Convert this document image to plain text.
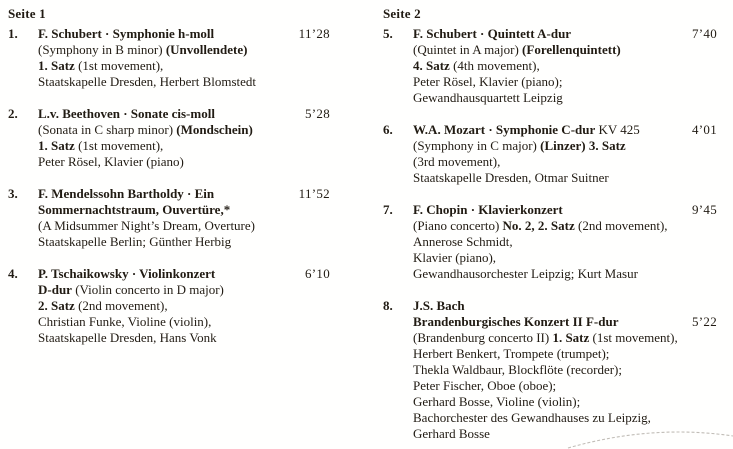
Seite 1
1. F. Schubert · Symphonie h-moll
(Symphony in B minor) (Unvollendete)
1. Satz (1st movement),
Staatskapelle Dresden, Herbert Blomstedt
11’28
2. L.v. Beethoven · Sonate cis-moll
(Sonata in C sharp minor) (Mondschein)
1. Satz (1st movement),
Peter Rösel, Klavier (piano)
5’28
3. F. Mendelssohn Bartholdy · Ein
Sommernachtstraum, Ouvertüre,*
(A Midsummer Night’s Dream, Overture)
Staatskapelle Berlin; Günther Herbig
11’52
4. P. Tschaikowsky · Violinkonzert
D-dur (Violin concerto in D major)
2. Satz (2nd movement),
Christian Funke, Violine (violin),
Staatskapelle Dresden, Hans Vonk
6’10
Seite 2
5. F. Schubert · Quintett A-dur
(Quintet in A major) (Forellenquintett)
4. Satz (4th movement),
Peter Rösel, Klavier (piano);
Gewandhausquartett Leipzig
7’40
6. W.A. Mozart · Symphonie C-dur KV 425
(Symphony in C major) (Linzer) 3. Satz
(3rd movement),
Staatskapelle Dresden, Otmar Suitner
4’01
7. F. Chopin · Klavierkonzert
(Piano concerto) No. 2, 2. Satz (2nd movement),
Annerose Schmidt,
Klavier (piano),
Gewandhausorchester Leipzig; Kurt Masur
9’45
8. J.S. Bach
Brandenburgisches Konzert II F-dur
(Brandenburg concerto II) 1. Satz (1st movement),
Herbert Benkert, Trompete (trumpet);
Thekla Waldbaur, Blockflöte (recorder);
Peter Fischer, Oboe (oboe);
Gerhard Bosse, Violine (violin);
Bachorchester des Gewandhauses zu Leipzig,
Gerhard Bosse
5’22
